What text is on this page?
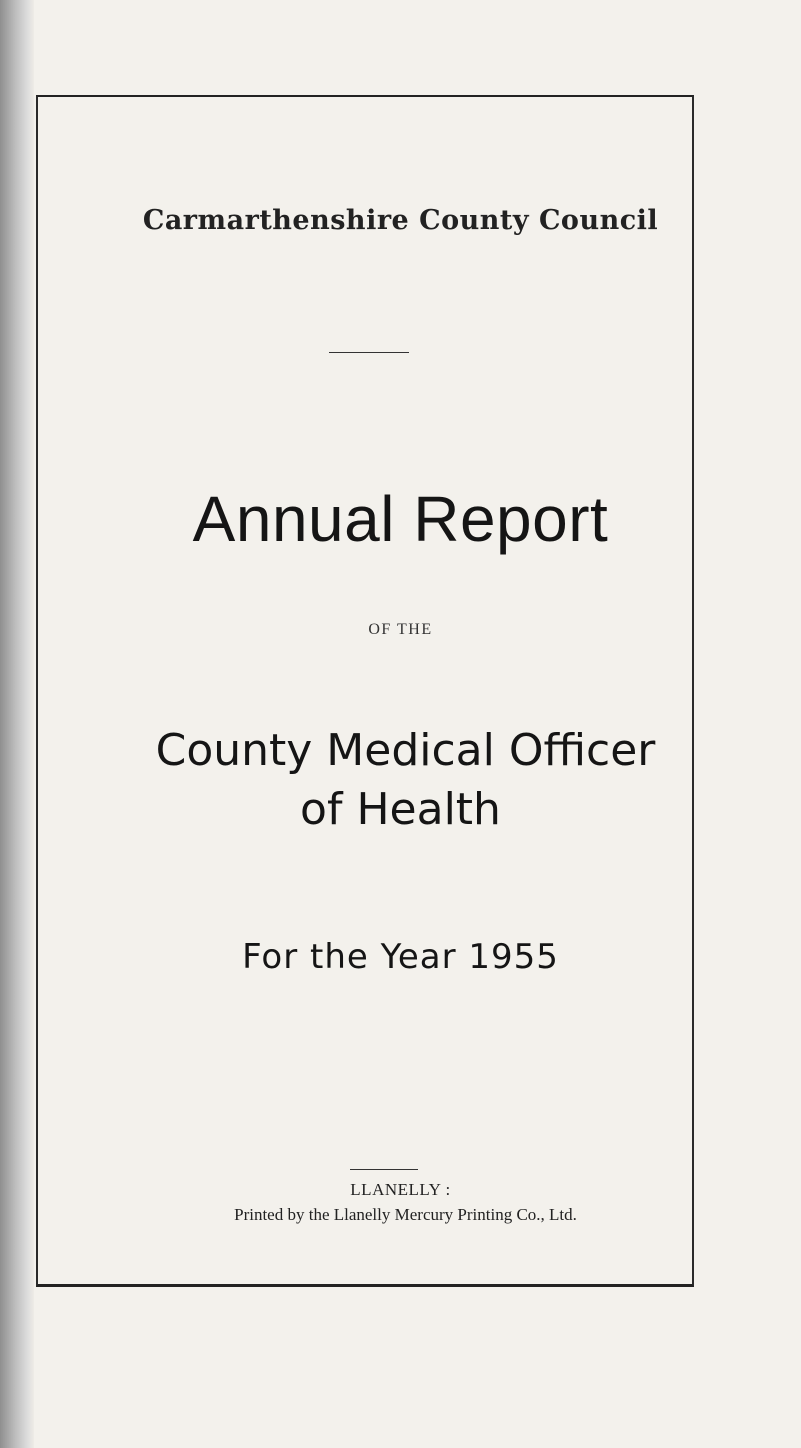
Carmarthenshire County Council
Annual Report
OF THE
County Medical Officer
of Health
For the Year 1955
LLANELLY :
Printed by the Llanelly Mercury Printing Co., Ltd.
